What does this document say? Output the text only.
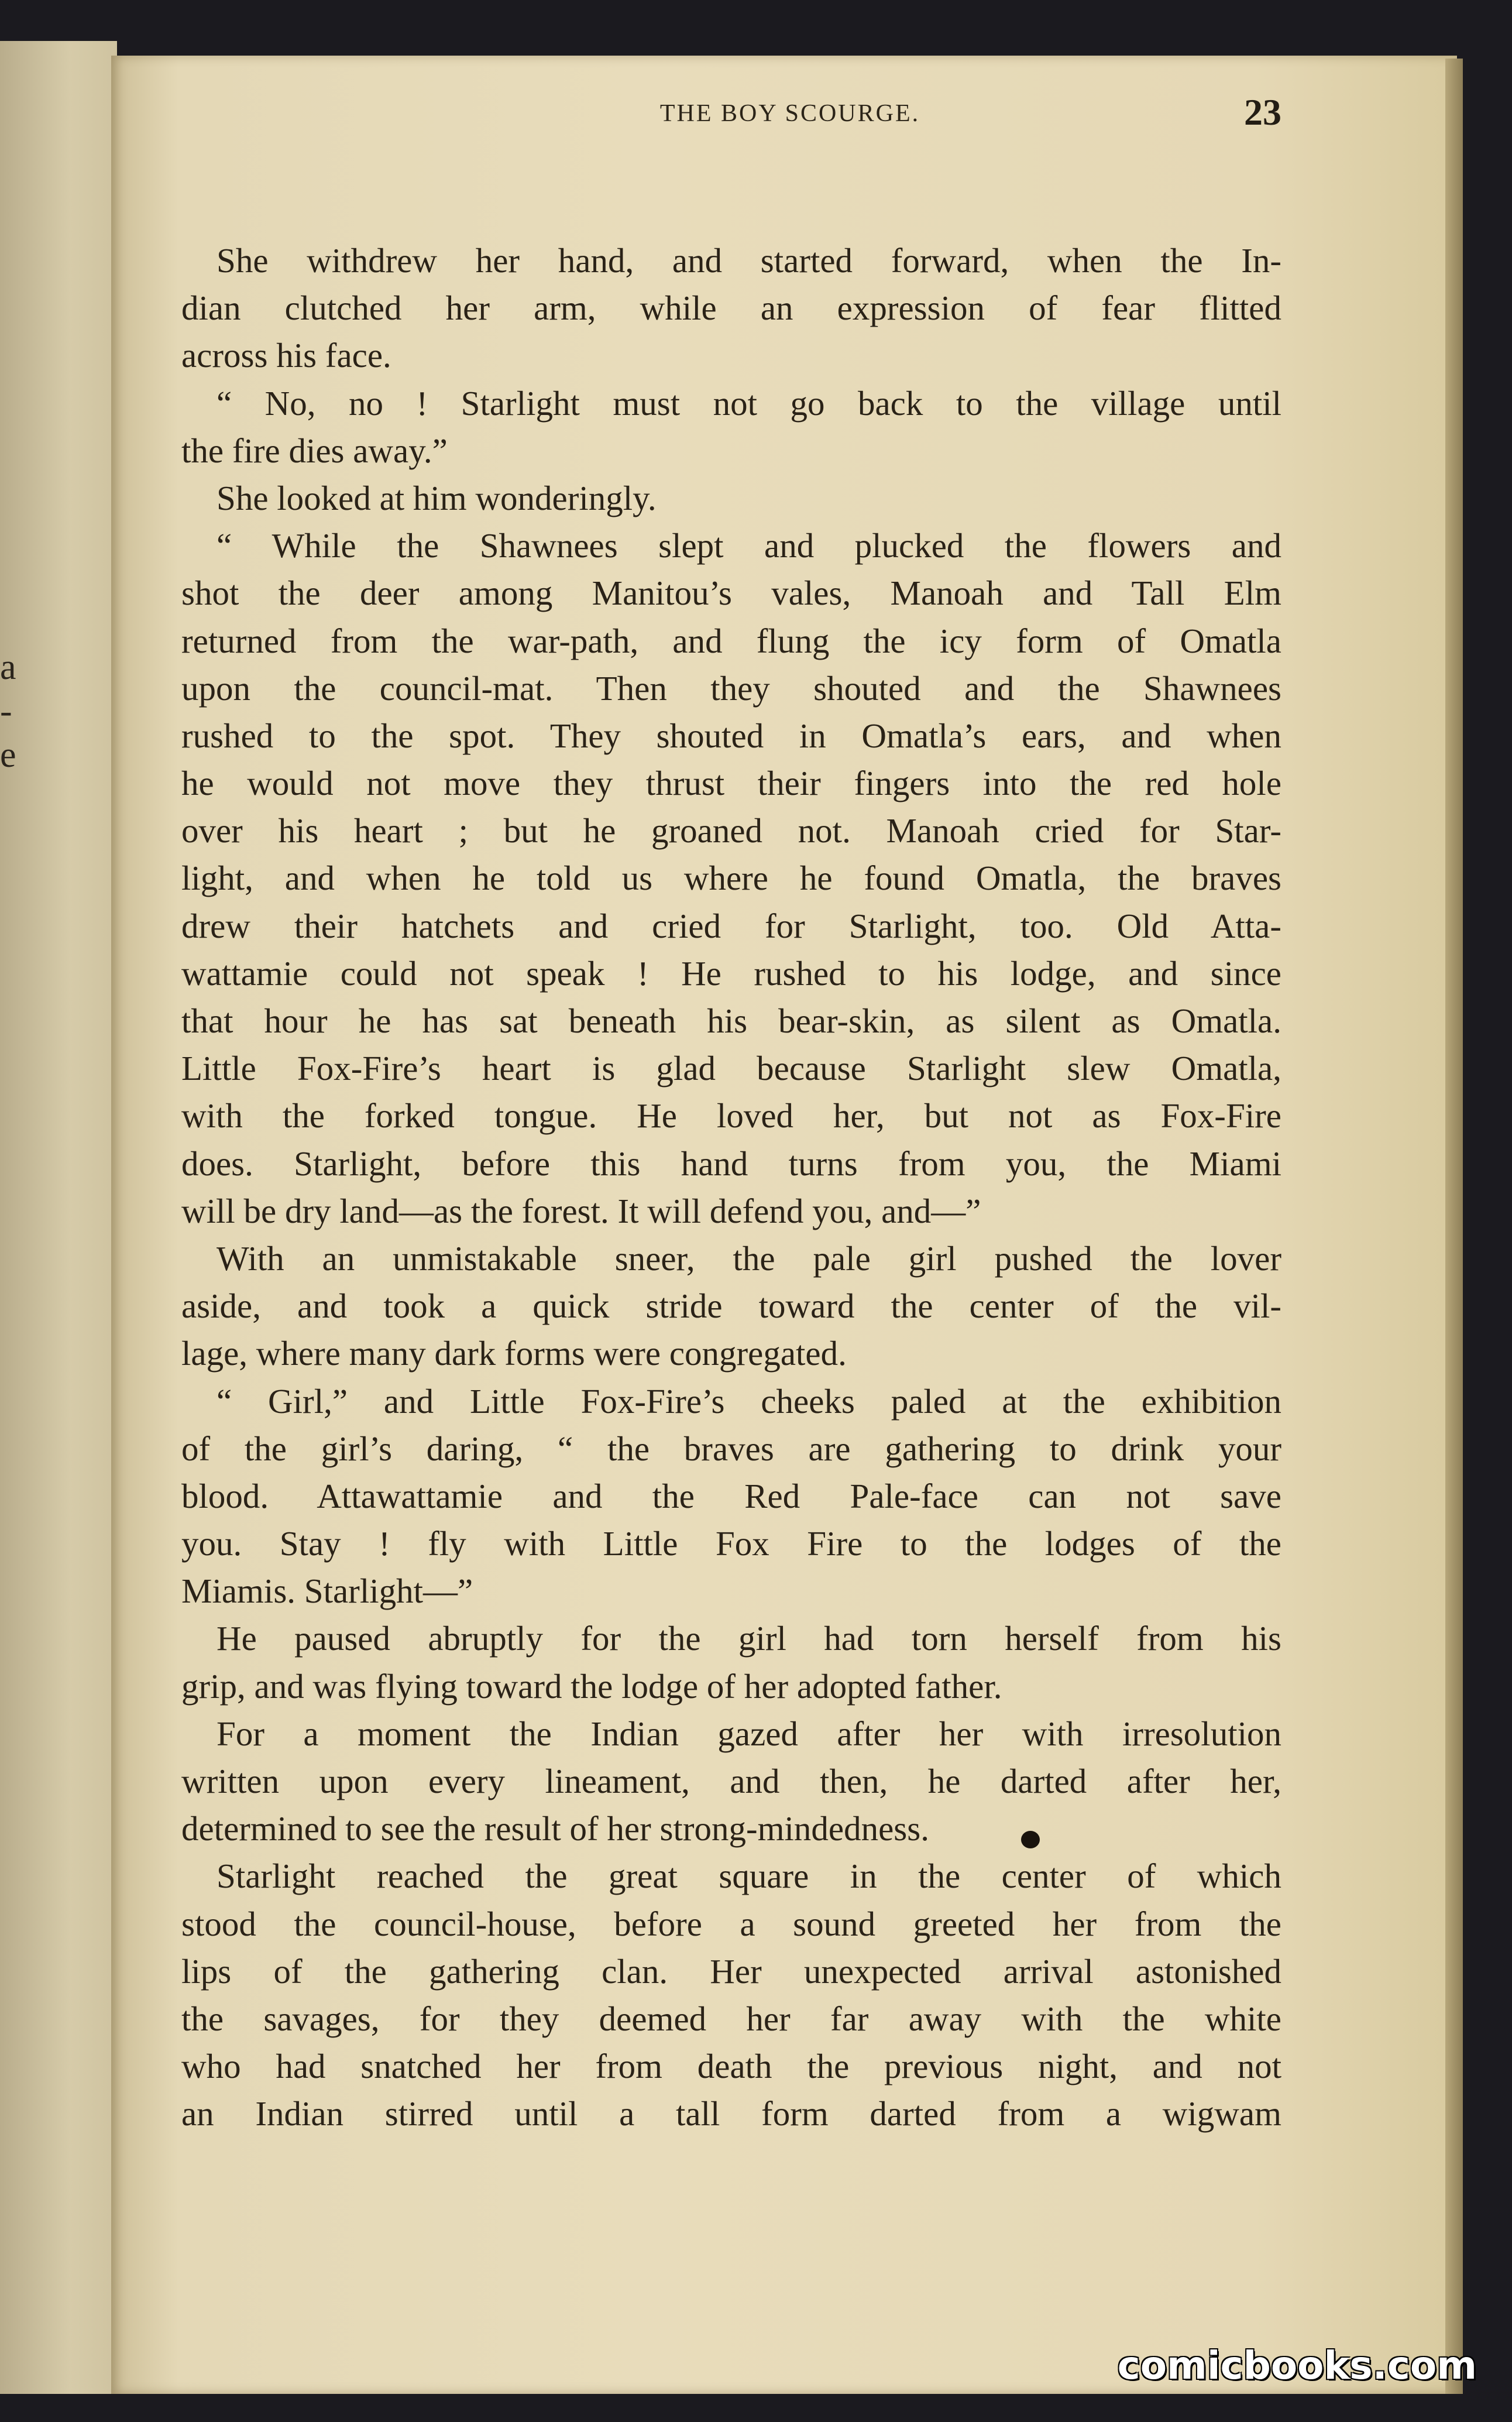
a
-
e
THE BOY SCOURGE.	23
She withdrew her hand, and started forward, when the In-
dian clutched her arm, while an expression of fear flitted
across his face.
“ No, no ! Starlight must not go back to the village until
the fire dies away.”
She looked at him wonderingly.
“ While the Shawnees slept and plucked the flowers and
shot the deer among Manitou’s vales, Manoah and Tall Elm
returned from the war-path, and flung the icy form of Omatla
upon the council-mat. Then they shouted and the Shawnees
rushed to the spot. They shouted in Omatla’s ears, and when
he would not move they thrust their fingers into the red hole
over his heart ; but he groaned not. Manoah cried for Star-
light, and when he told us where he found Omatla, the braves
drew their hatchets and cried for Starlight, too. Old Atta-
wattamie could not speak ! He rushed to his lodge, and since
that hour he has sat beneath his bear-skin, as silent as Omatla.
Little Fox-Fire’s heart is glad because Starlight slew Omatla,
with the forked tongue. He loved her, but not as Fox-Fire
does. Starlight, before this hand turns from you, the Miami
will be dry land—as the forest. It will defend you, and—”
With an unmistakable sneer, the pale girl pushed the lover
aside, and took a quick stride toward the center of the vil-
lage, where many dark forms were congregated.
“ Girl,” and Little Fox-Fire’s cheeks paled at the exhibition
of the girl’s daring, “ the braves are gathering to drink your
blood. Attawattamie and the Red Pale-face can not save
you. Stay ! fly with Little Fox Fire to the lodges of the
Miamis. Starlight—”
He paused abruptly for the girl had torn herself from his
grip, and was flying toward the lodge of her adopted father.
For a moment the Indian gazed after her with irresolution
written upon every lineament, and then, he darted after her,
determined to see the result of her strong-mindedness.
Starlight reached the great square in the center of which
stood the council-house, before a sound greeted her from the
lips of the gathering clan. Her unexpected arrival astonished
the savages, for they deemed her far away with the white
who had snatched her from death the previous night, and not
an Indian stirred until a tall form darted from a wigwam
comicbooks.com
